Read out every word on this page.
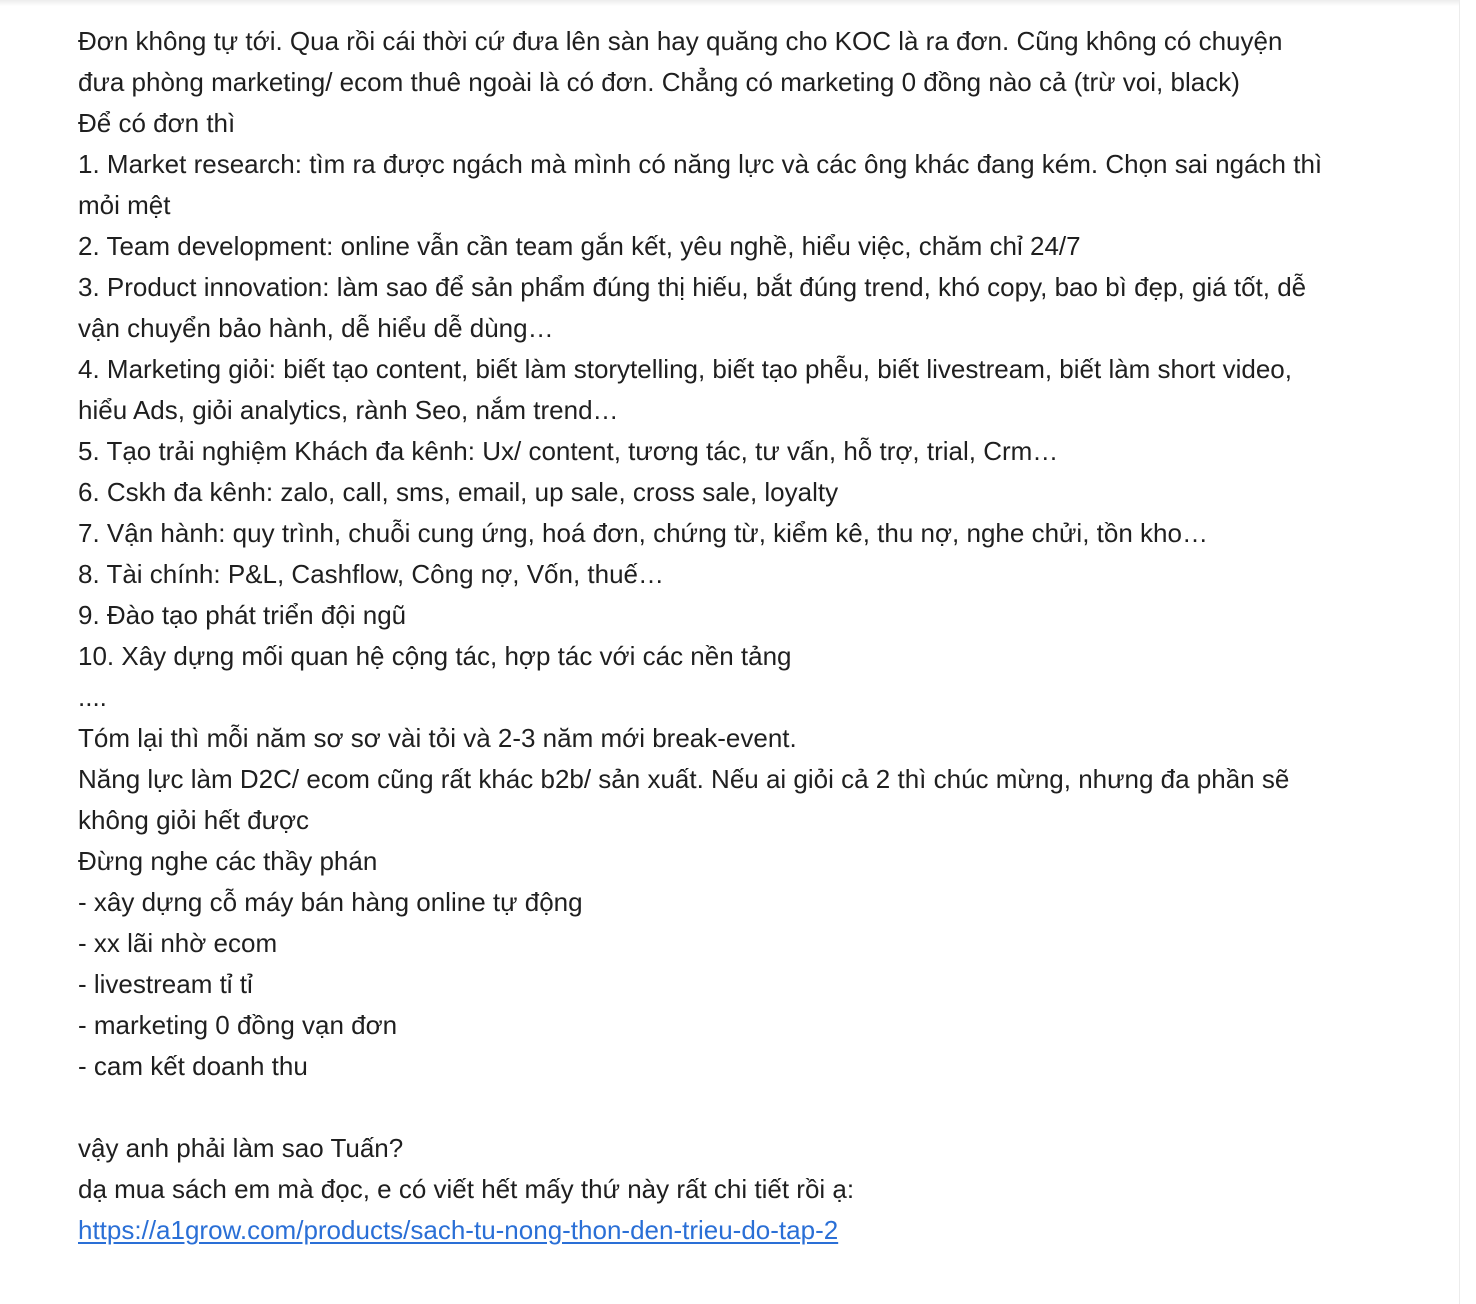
Đơn không tự tới. Qua rồi cái thời cứ đưa lên sàn hay quăng cho KOC là ra đơn. Cũng không có chuyện đưa phòng marketing/ ecom thuê ngoài là có đơn. Chẳng có marketing 0 đồng nào cả (trừ voi, black)
Để có đơn thì
1. Market research: tìm ra được ngách mà mình có năng lực và các ông khác đang kém. Chọn sai ngách thì mỏi mệt
2. Team development: online vẫn cần team gắn kết, yêu nghề, hiểu việc, chăm chỉ 24/7
3. Product innovation: làm sao để sản phẩm đúng thị hiếu, bắt đúng trend, khó copy, bao bì đẹp, giá tốt, dễ vận chuyển bảo hành, dễ hiểu dễ dùng…
4. Marketing giỏi: biết tạo content, biết làm storytelling, biết tạo phễu, biết livestream, biết làm short video, hiểu Ads, giỏi analytics, rành Seo, nắm trend…
5. Tạo trải nghiệm Khách đa kênh: Ux/ content, tương tác, tư vấn, hỗ trợ, trial, Crm…
6. Cskh đa kênh: zalo, call, sms, email, up sale, cross sale, loyalty
7. Vận hành: quy trình, chuỗi cung ứng, hoá đơn, chứng từ, kiểm kê, thu nợ, nghe chửi, tồn kho…
8. Tài chính: P&L, Cashflow, Công nợ, Vốn, thuế…
9. Đào tạo phát triển đội ngũ
10. Xây dựng mối quan hệ cộng tác, hợp tác với các nền tảng
....
Tóm lại thì mỗi năm sơ sơ vài tỏi và 2-3 năm mới break-event.
Năng lực làm D2C/ ecom cũng rất khác b2b/ sản xuất. Nếu ai giỏi cả 2 thì chúc mừng, nhưng đa phần sẽ không giỏi hết được
Đừng nghe các thầy phán
- xây dựng cỗ máy bán hàng online tự động
- xx lãi nhờ ecom
- livestream tỉ tỉ
- marketing 0 đồng vạn đơn
- cam kết doanh thu
vậy anh phải làm sao Tuấn?
dạ mua sách em mà đọc, e có viết hết mấy thứ này rất chi tiết rồi ạ:
https://a1grow.com/products/sach-tu-nong-thon-den-trieu-do-tap-2
